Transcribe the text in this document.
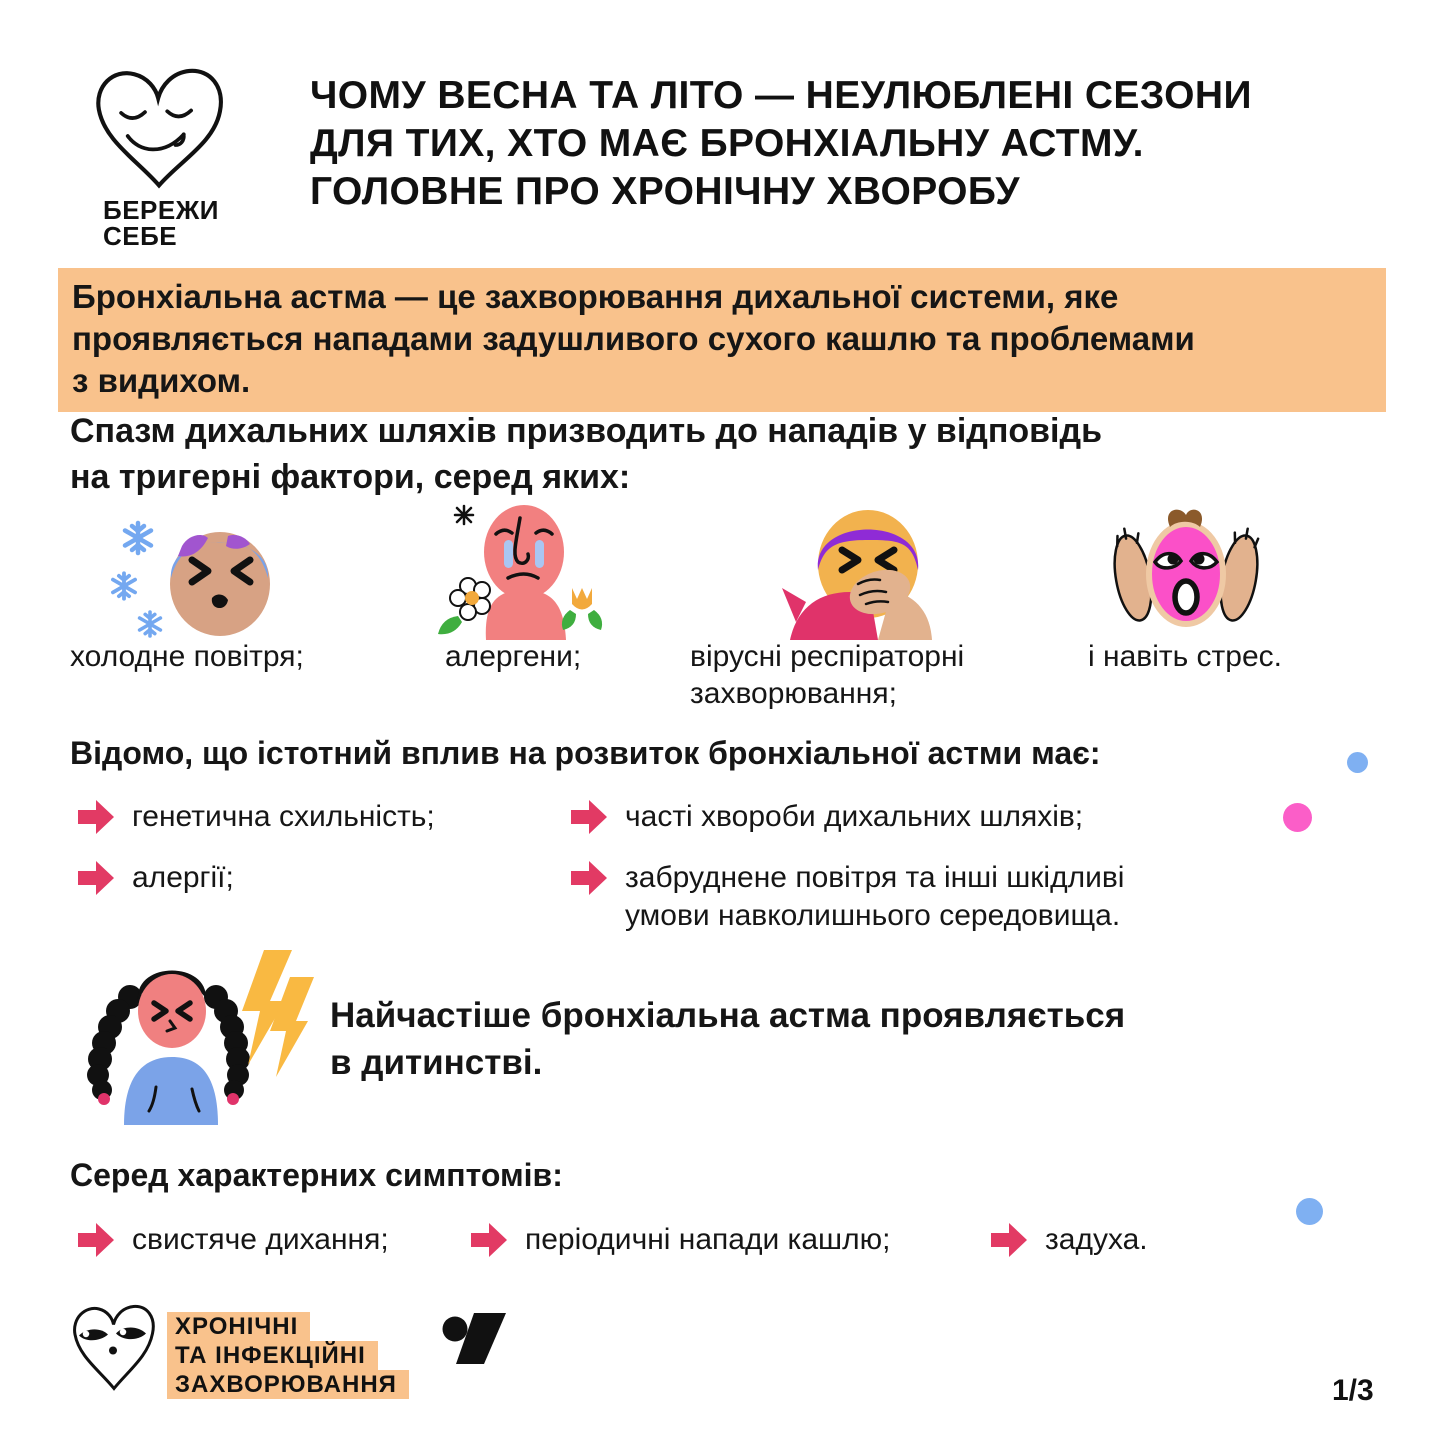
БЕРЕЖИ
СЕБЕ
ЧОМУ ВЕСНА ТА ЛІТО — НЕУЛЮБЛЕНІ СЕЗОНИ
ДЛЯ ТИХ, ХТО МАЄ БРОНХІАЛЬНУ АСТМУ.
ГОЛОВНЕ ПРО ХРОНІЧНУ ХВОРОБУ
Бронхіальна астма — це захворювання дихальної системи, яке
проявляється нападами задушливого сухого кашлю та проблемами
з видихом.
Спазм дихальних шляхів призводить до нападів у відповідь
на тригерні фактори, серед яких:
холодне повітря;	алергени;	вірусні респіраторні
захворювання;
і навіть стрес.
Відомо, що істотний вплив на розвиток бронхіальної астми має:
генетична схильність;	часті хвороби дихальних шляхів;
алергії;	забруднене повітря та інші шкідливі
умови навколишнього середовища.
Найчастіше бронхіальна астма проявляється
в дитинстві.
Серед характерних симптомів:
свистяче дихання;	періодичні напади кашлю;	задуха.
ХРОНІЧНІ
ТА ІНФЕКЦІЙНІ
ЗАХВОРЮВАННЯ	1/3
